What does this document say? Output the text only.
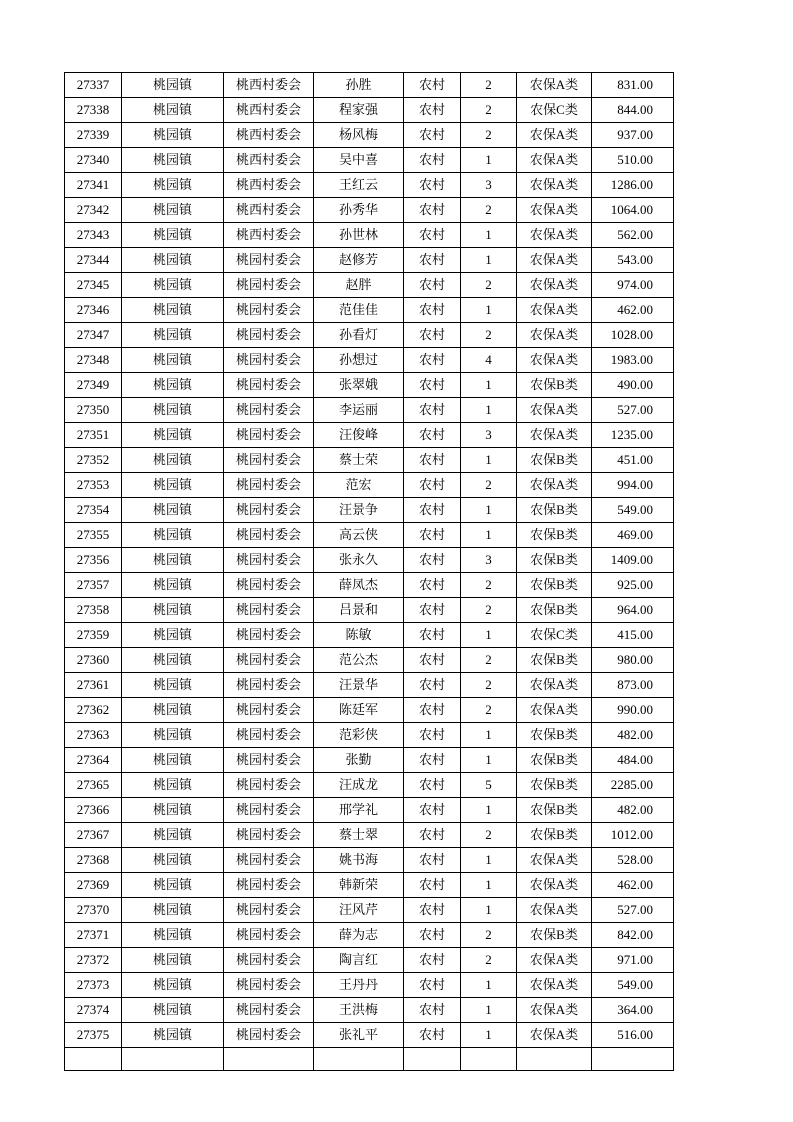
27337	桃园镇	桃西村委会	孙胜	农村	2	农保A类	831.00
27338	桃园镇	桃西村委会	程家强	农村	2	农保C类	844.00
27339	桃园镇	桃西村委会	杨风梅	农村	2	农保A类	937.00
27340	桃园镇	桃西村委会	吴中喜	农村	1	农保A类	510.00
27341	桃园镇	桃西村委会	王红云	农村	3	农保A类	1286.00
27342	桃园镇	桃西村委会	孙秀华	农村	2	农保A类	1064.00
27343	桃园镇	桃西村委会	孙世林	农村	1	农保A类	562.00
27344	桃园镇	桃园村委会	赵修芳	农村	1	农保A类	543.00
27345	桃园镇	桃园村委会	赵胖	农村	2	农保A类	974.00
27346	桃园镇	桃园村委会	范佳佳	农村	1	农保A类	462.00
27347	桃园镇	桃园村委会	孙看灯	农村	2	农保A类	1028.00
27348	桃园镇	桃园村委会	孙想过	农村	4	农保A类	1983.00
27349	桃园镇	桃园村委会	张翠娥	农村	1	农保B类	490.00
27350	桃园镇	桃园村委会	李运丽	农村	1	农保A类	527.00
27351	桃园镇	桃园村委会	汪俊峰	农村	3	农保A类	1235.00
27352	桃园镇	桃园村委会	蔡士荣	农村	1	农保B类	451.00
27353	桃园镇	桃园村委会	范宏	农村	2	农保A类	994.00
27354	桃园镇	桃园村委会	汪景争	农村	1	农保B类	549.00
27355	桃园镇	桃园村委会	高云侠	农村	1	农保B类	469.00
27356	桃园镇	桃园村委会	张永久	农村	3	农保B类	1409.00
27357	桃园镇	桃园村委会	薛凤杰	农村	2	农保B类	925.00
27358	桃园镇	桃园村委会	吕景和	农村	2	农保B类	964.00
27359	桃园镇	桃园村委会	陈敏	农村	1	农保C类	415.00
27360	桃园镇	桃园村委会	范公杰	农村	2	农保B类	980.00
27361	桃园镇	桃园村委会	汪景华	农村	2	农保A类	873.00
27362	桃园镇	桃园村委会	陈廷军	农村	2	农保A类	990.00
27363	桃园镇	桃园村委会	范彩侠	农村	1	农保B类	482.00
27364	桃园镇	桃园村委会	张勤	农村	1	农保B类	484.00
27365	桃园镇	桃园村委会	汪成龙	农村	5	农保B类	2285.00
27366	桃园镇	桃园村委会	邢学礼	农村	1	农保B类	482.00
27367	桃园镇	桃园村委会	蔡士翠	农村	2	农保B类	1012.00
27368	桃园镇	桃园村委会	姚书海	农村	1	农保A类	528.00
27369	桃园镇	桃园村委会	韩新荣	农村	1	农保A类	462.00
27370	桃园镇	桃园村委会	汪风芹	农村	1	农保A类	527.00
27371	桃园镇	桃园村委会	薛为志	农村	2	农保B类	842.00
27372	桃园镇	桃园村委会	陶言红	农村	2	农保A类	971.00
27373	桃园镇	桃园村委会	王丹丹	农村	1	农保A类	549.00
27374	桃园镇	桃园村委会	王洪梅	农村	1	农保A类	364.00
27375	桃园镇	桃园村委会	张礼平	农村	1	农保A类	516.00
